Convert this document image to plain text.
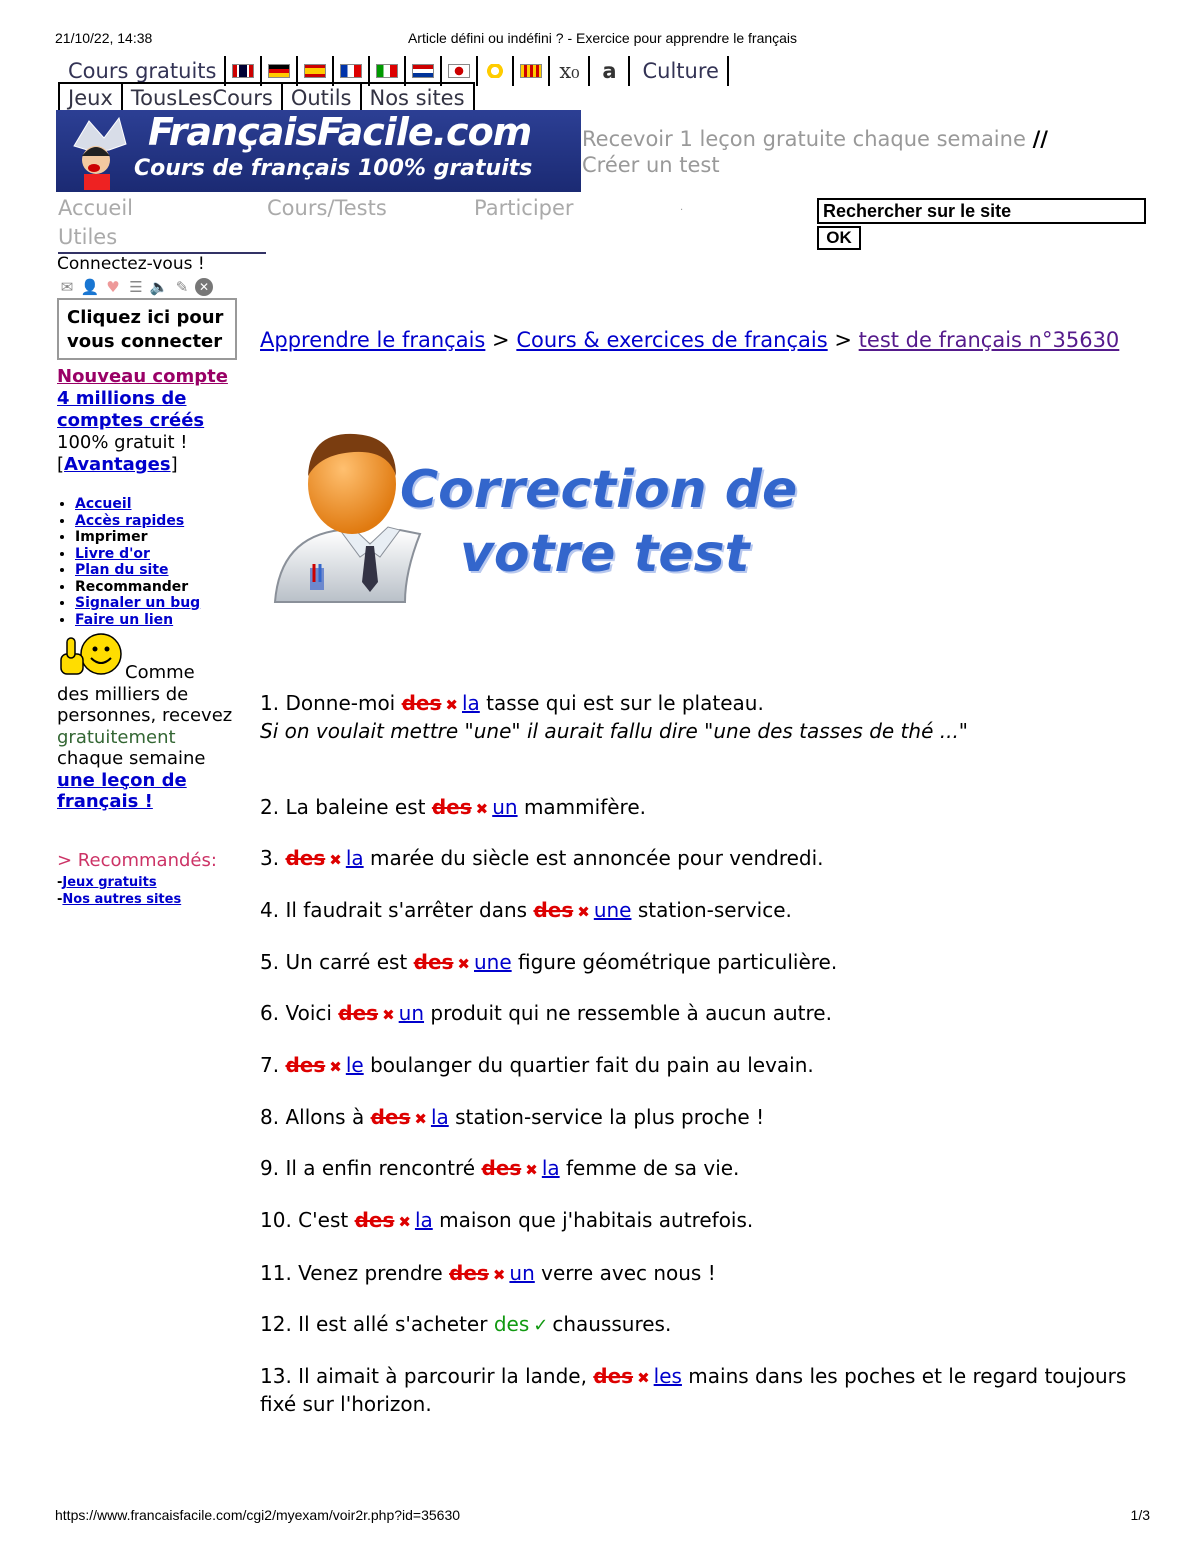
21/10/22, 14:38	Article défini ou indéfini ? - Exercice pour apprendre le français
Cours gratuits	x₀	a	Culture
Jeux TousLesCours Outils Nos sites
FrançaisFacile.com
Cours de français 100% gratuits
Recevoir 1 leçon gratuite chaque semaine //
Créer un test
Accueil	Cours/Tests	Participer	.
Utiles
Rechercher sur le site
OK
Connectez-vous !
✉ 👤 ♥ ☰ 🔈 ✎ ✕
Cliquez ici pour
vous connecter
Nouveau compte
4 millions de
comptes créés
100% gratuit !
[Avantages]
• Accueil
• Accès rapides
• Imprimer
• Livre d'or
• Plan du site
• Recommander
• Signaler un bug
• Faire un lien
Comme
des milliers de personnes, recevez
gratuitement
chaque semaine
une leçon de français !
> Recommandés:
-Jeux gratuits
-Nos autres sites
Apprendre le français > Cours & exercices de français > test de français n°35630
Correction de
votre test
1. Donne-moi des ✖ la tasse qui est sur le plateau.
Si on voulait mettre "une" il aurait fallu dire "une des tasses de thé ..."
2. La baleine est des ✖ un mammifère.
3. des ✖ la marée du siècle est annoncée pour vendredi.
4. Il faudrait s'arrêter dans des ✖ une station-service.
5. Un carré est des ✖ une figure géométrique particulière.
6. Voici des ✖ un produit qui ne ressemble à aucun autre.
7. des ✖ le boulanger du quartier fait du pain au levain.
8. Allons à des ✖ la station-service la plus proche !
9. Il a enfin rencontré des ✖ la femme de sa vie.
10. C'est des ✖ la maison que j'habitais autrefois.
11. Venez prendre des ✖ un verre avec nous !
12. Il est allé s'acheter des ✓ chaussures.
13. Il aimait à parcourir la lande, des ✖ les mains dans les poches et le regard toujours fixé sur l'horizon.
https://www.francaisfacile.com/cgi2/myexam/voir2r.php?id=35630	1/3
